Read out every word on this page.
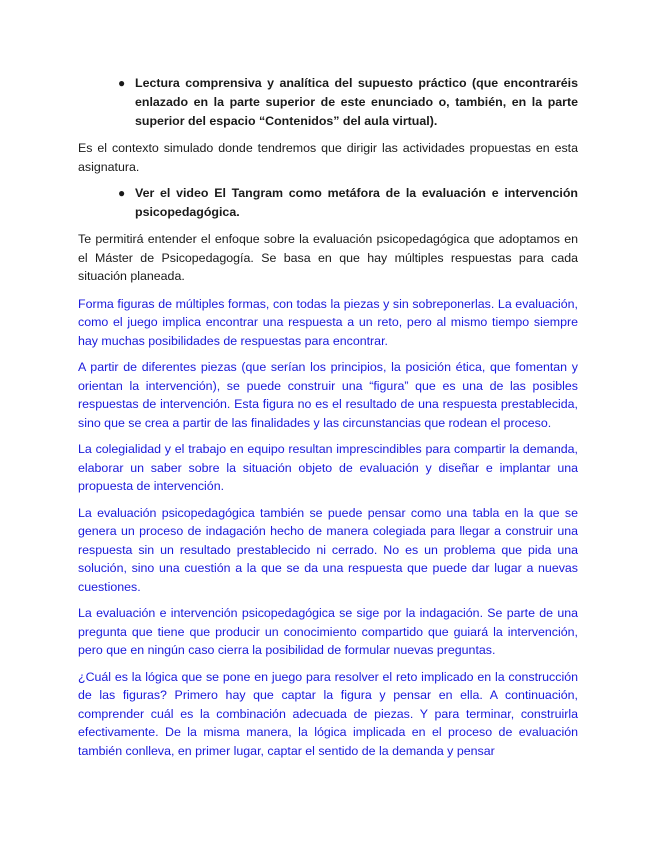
● Lectura comprensiva y analítica del supuesto práctico (que encontraréis enlazado en la parte superior de este enunciado o, también, en la parte superior del espacio “Contenidos” del aula virtual).

Es el contexto simulado donde tendremos que dirigir las actividades propuestas en esta asignatura.

● Ver el video El Tangram como metáfora de la evaluación e intervención psicopedagógica.

Te permitirá entender el enfoque sobre la evaluación psicopedagógica que adoptamos en el Máster de Psicopedagogía. Se basa en que hay múltiples respuestas para cada situación planeada.

Forma figuras de múltiples formas, con todas la piezas y sin sobreponerlas. La evaluación, como el juego implica encontrar una respuesta a un reto, pero al mismo tiempo siempre hay muchas posibilidades de respuestas para encontrar.

A partir de diferentes piezas (que serían los principios, la posición ética, que fomentan y orientan la intervención), se puede construir una “figura” que es una de las posibles respuestas de intervención. Esta figura no es el resultado de una respuesta prestablecida, sino que se crea a partir de las finalidades y las circunstancias que rodean el proceso.

La colegialidad y el trabajo en equipo resultan imprescindibles para compartir la demanda, elaborar un saber sobre la situación objeto de evaluación y diseñar e implantar una propuesta de intervención.

La evaluación psicopedagógica también se puede pensar como una tabla en la que se genera un proceso de indagación hecho de manera colegiada para llegar a construir una respuesta sin un resultado prestablecido ni cerrado. No es un problema que pida una solución, sino una cuestión a la que se da una respuesta que puede dar lugar a nuevas cuestiones.

La evaluación e intervención psicopedagógica se sige por la indagación. Se parte de una pregunta que tiene que producir un conocimiento compartido que guiará la intervención, pero que en ningún caso cierra la posibilidad de formular nuevas preguntas.

¿Cuál es la lógica que se pone en juego para resolver el reto implicado en la construcción de las figuras? Primero hay que captar la figura y pensar en ella. A continuación, comprender cuál es la combinación adecuada de piezas. Y para terminar, construirla efectivamente. De la misma manera, la lógica implicada en el proceso de evaluación también conlleva, en primer lugar, captar el sentido de la demanda y pensar
